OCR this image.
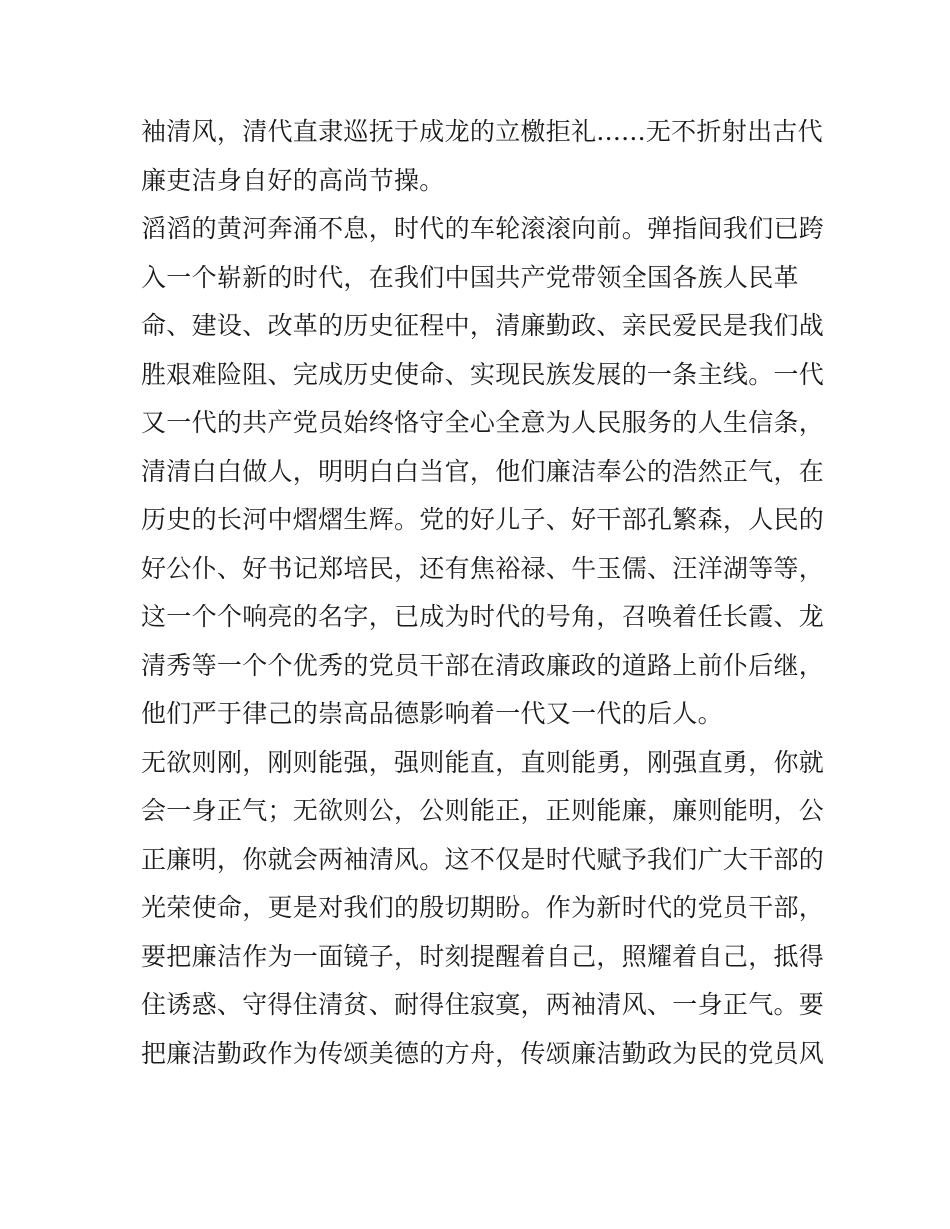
袖清风，清代直隶巡抚于成龙的立檄拒礼......无不折射出古代
廉吏洁身自好的高尚节操。
滔滔的黄河奔涌不息，时代的车轮滚滚向前。弹指间我们已跨
入一个崭新的时代，在我们中国共产党带领全国各族人民革
命、建设、改革的历史征程中，清廉勤政、亲民爱民是我们战
胜艰难险阻、完成历史使命、实现民族发展的一条主线。一代
又一代的共产党员始终恪守全心全意为人民服务的人生信条，
清清白白做人，明明白白当官，他们廉洁奉公的浩然正气，在
历史的长河中熠熠生辉。党的好儿子、好干部孔繁森，人民的
好公仆、好书记郑培民，还有焦裕禄、牛玉儒、汪洋湖等等，
这一个个响亮的名字，已成为时代的号角，召唤着任长霞、龙
清秀等一个个优秀的党员干部在清政廉政的道路上前仆后继，
他们严于律己的崇高品德影响着一代又一代的后人。
无欲则刚，刚则能强，强则能直，直则能勇，刚强直勇，你就
会一身正气；无欲则公，公则能正，正则能廉，廉则能明，公
正廉明，你就会两袖清风。这不仅是时代赋予我们广大干部的
光荣使命，更是对我们的殷切期盼。作为新时代的党员干部，
要把廉洁作为一面镜子，时刻提醒着自己，照耀着自己，抵得
住诱惑、守得住清贫、耐得住寂寞，两袖清风、一身正气。要
把廉洁勤政作为传颂美德的方舟，传颂廉洁勤政为民的党员风
